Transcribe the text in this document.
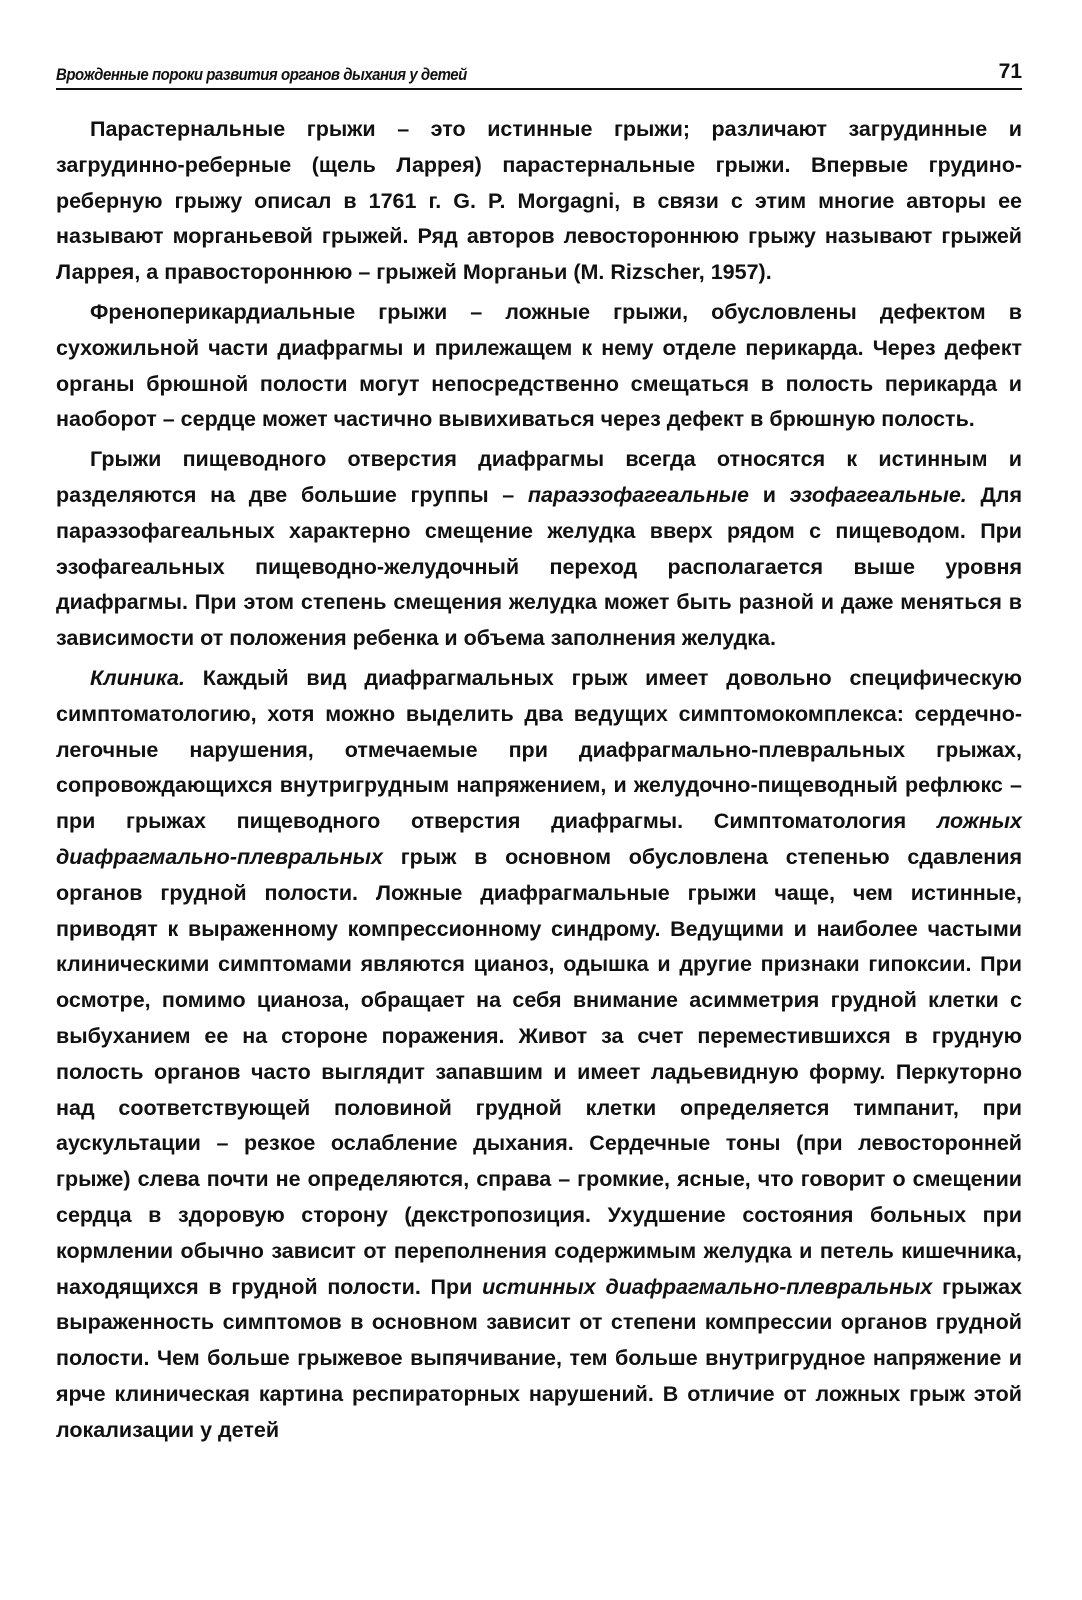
Врожденные пороки развития органов дыхания у детей	71

Парастернальные грыжи – это истинные грыжи; различают загрудинные и загрудинно-реберные (щель Ларрея) парастернальные грыжи. Впервые грудино-реберную грыжу описал в 1761 г. G. P. Morgagni, в связи с этим многие авторы ее называют морганьевой грыжей. Ряд авторов левостороннюю грыжу называют грыжей Ларрея, а правостороннюю – грыжей Морганьи (M. Rizscher, 1957).

Френоперикардиальные грыжи – ложные грыжи, обусловлены дефектом в сухожильной части диафрагмы и прилежащем к нему отделе перикарда. Через дефект органы брюшной полости могут непосредственно смещаться в полость перикарда и наоборот – сердце может частично вывихиваться через дефект в брюшную полость.

Грыжи пищеводного отверстия диафрагмы всегда относятся к истинным и разделяются на две большие группы – параэзофагеальные и эзофагеальные. Для параэзофагеальных характерно смещение желудка вверх рядом с пищеводом. При эзофагеальных пищеводно-желудочный переход располагается выше уровня диафрагмы. При этом степень смещения желудка может быть разной и даже меняться в зависимости от положения ребенка и объема заполнения желудка.

Клиника. Каждый вид диафрагмальных грыж имеет довольно специфическую симптоматологию, хотя можно выделить два ведущих симптомокомплекса: сердечно-легочные нарушения, отмечаемые при диафрагмально-плевральных грыжах, сопровождающихся внутригрудным напряжением, и желудочно-пищеводный рефлюкс – при грыжах пищеводного отверстия диафрагмы. Симптоматология ложных диафрагмально-плевральных грыж в основном обусловлена степенью сдавления органов грудной полости. Ложные диафрагмальные грыжи чаще, чем истинные, приводят к выраженному компрессионному синдрому. Ведущими и наиболее частыми клиническими симптомами являются цианоз, одышка и другие признаки гипоксии. При осмотре, помимо цианоза, обращает на себя внимание асимметрия грудной клетки с выбуханием ее на стороне поражения. Живот за счет переместившихся в грудную полость органов часто выглядит запавшим и имеет ладьевидную форму. Перкуторно над соответствующей половиной грудной клетки определяется тимпанит, при аускультации – резкое ослабление дыхания. Сердечные тоны (при левосторонней грыже) слева почти не определяются, справа – громкие, ясные, что говорит о смещении сердца в здоровую сторону (декстропозиция. Ухудшение состояния больных при кормлении обычно зависит от переполнения содержимым желудка и петель кишечника, находящихся в грудной полости. При истинных диафрагмально-плевральных грыжах выраженность симптомов в основном зависит от степени компрессии органов грудной полости. Чем больше грыжевое выпячивание, тем больше внутригрудное напряжение и ярче клиническая картина респираторных нарушений. В отличие от ложных грыж этой локализации у детей
